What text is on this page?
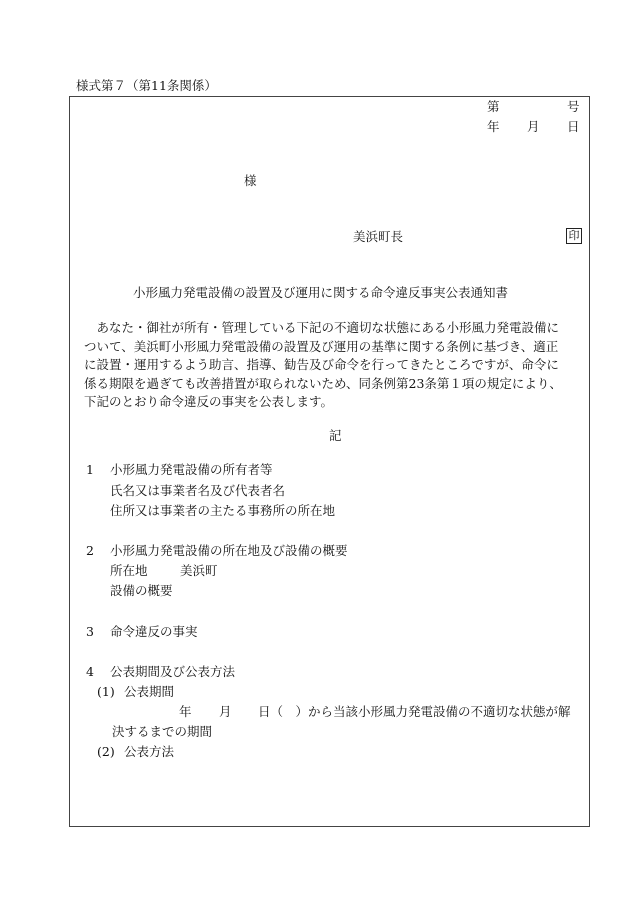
様式第７（第11条関係）
第	号
年 月 日
様
美浜町長	印
小形風力発電設備の設置及び運用に関する命令違反事実公表通知書
　あなた・御社が所有・管理している下記の不適切な状態にある小形風力発電設備に
ついて、美浜町小形風力発電設備の設置及び運用の基準に関する条例に基づき、適正
に設置・運用するよう助言、指導、勧告及び命令を行ってきたところですが、命令に
係る期限を過ぎても改善措置が取られないため、同条例第23条第１項の規定により、
下記のとおり命令違反の事実を公表します。
記
1 小形風力発電設備の所有者等
氏名又は事業者名及び代表者名
住所又は事業者の主たる事務所の所在地
2 小形風力発電設備の所在地及び設備の概要
所在地	美浜町
設備の概要
3 命令違反の事実
4 公表期間及び公表方法
(1) 公表期間
年 月 日（　）から当該小形風力発電設備の不適切な状態が解
決するまでの期間
(2) 公表方法
